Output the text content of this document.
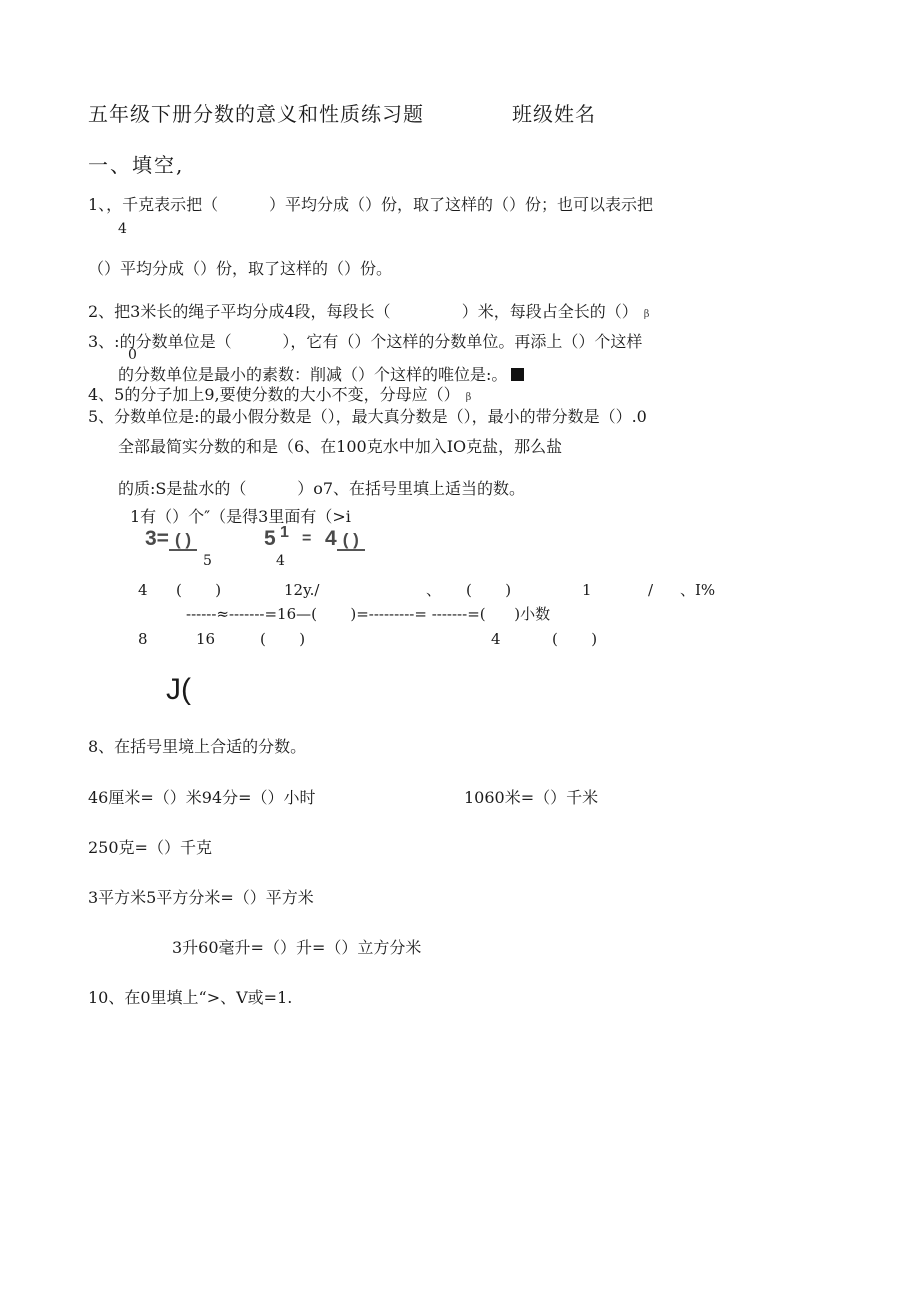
五年级下册分数的意义和性质练习题	班级姓名
一、填空,
1、，千克表示把（          ）平均分成（）份，取了这样的（）份；也可以表示把
4
（）平均分成（）份，取了这样的（）份。
2、把3米长的绳子平均分成4段，每段长（              ）米，每段占全长的（） β
3、:的分数单位是（          ），它有（）个这样的分数单位。再添上（）个这样
0
的分数单位是最小的素数：削减（）个这样的唯位是:。
4、5的分子加上9,要使分数的大小不变，分母应（） β
5、分数单位是:的最小假分数是（），最大真分数是（），最小的带分数是（）.0
全部最简实分数的和是（6、在100克水中加入IO克盐，那么盐
的质:S是盐水的（          ）o7、在括号里填上适当的数。
1有（）个″（是得3里面有（>i
3= ( )
5
5 1
4
= 4 ( )
4 (       )	12y./	、 (       )	1	/ 、I%
------≈-------=16—(       )=---------= -------=(      )小数
8	16	(       )	4	(       )
J(
8、在括号里境上合适的分数。
46厘米=（）米94分=（）小时	1060米=（）千米
250克=（）千克
3平方米5平方分米=（）平方米
3升60毫升=（）升=（）立方分米
10、在0里填上“>、V或=1.
